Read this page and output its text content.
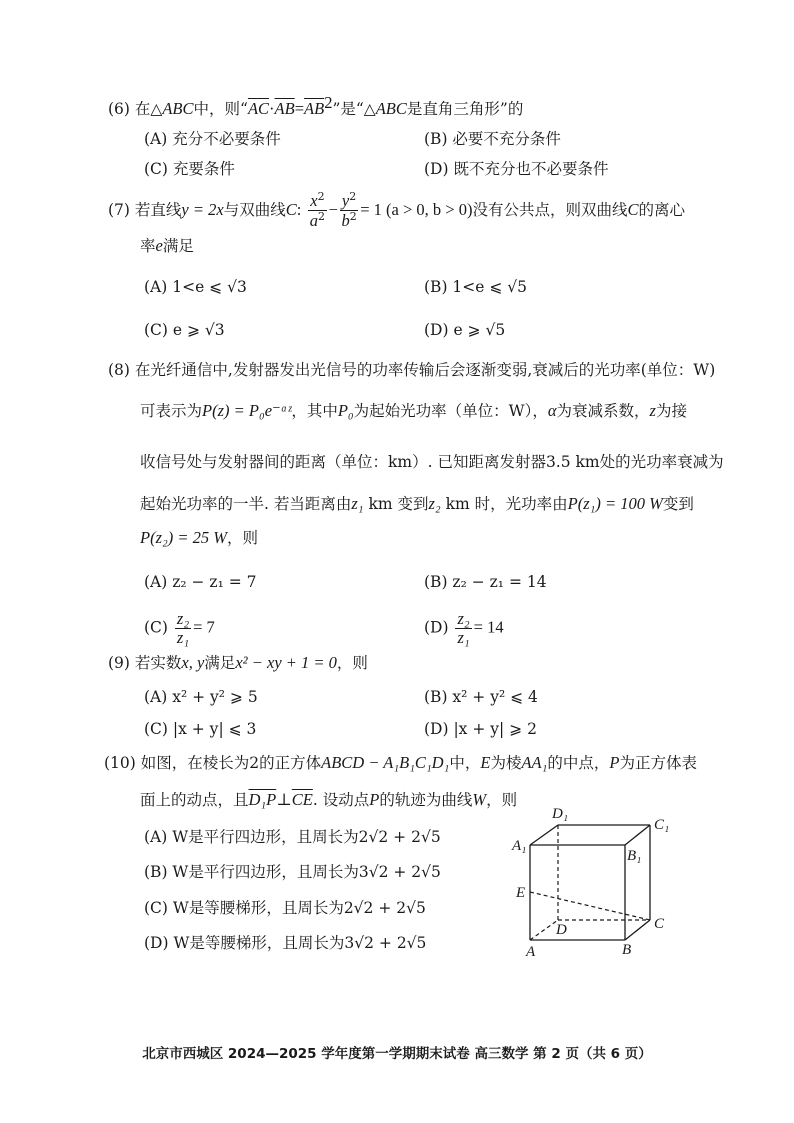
(6) 在△ABC中，则“$\overline{AC}\cdot\overline{AB}=\overline{AB}^2$”是“△ABC是直角三角形”的
(A) 充分不必要条件	(B) 必要不充分条件
(C) 充要条件	(D) 既不充分也不必要条件
(7) 若直线y = 2x与双曲线C: $\frac{x^2}{a^2} - \frac{y^2}{b^2} = 1$ (a > 0, b > 0)没有公共点，则双曲线C的离心
率e满足
(A) 1<e ⩽ √3	(B) 1<e ⩽ √5
(C) e ⩾ √3	(D) e ⩾ √5
(8) 在光纤通信中,发射器发出光信号的功率传输后会逐渐变弱,衰减后的光功率(单位：W)
可表示为P(z) = P₀e⁻ᵅᶻ，其中P₀为起始光功率（单位：W），α为衰减系数，z为接
收信号处与发射器间的距离（单位：km）. 已知距离发射器3.5 km处的光功率衰减为
起始光功率的一半. 若当距离由z₁ km 变到z₂ km 时，光功率由P(z₁) = 100 W变到
P(z₂) = 25 W，则
(A) z₂ − z₁ = 7	(B) z₂ − z₁ = 14
$(C) \frac{\text{z₂}}{\text{z₁}} = 7$	$(D) \frac{\text{z₂}}{\text{z₁}} = 14$
(9) 若实数x, y满足x² − xy + 1 = 0，则
(A) x² + y² ⩾ 5	(B) x² + y² ⩽ 4
(C) |x + y| ⩽ 3	(D) |x + y| ⩾ 2
(10) 如图，在棱长为2的正方体ABCD − A₁B₁C₁D₁中，E为棱AA₁的中点，P为正方体表
面上的动点，且$D_1P\perp\overline{CE}$. 设动点P的轨迹为曲线W，则
(A) W是平行四边形，且周长为2√2 + 2√5
(B) W是平行四边形，且周长为3√2 + 2√5
(C) W是等腰梯形，且周长为2√2 + 2√5
(D) W是等腰梯形，且周长为3√2 + 2√5
D₁
C₁
A₁
B₁
E
D	C
A	B
北京市西城区 2024—2025 学年度第一学期期末试卷 高三数学 第 2 页（共 6 页）
